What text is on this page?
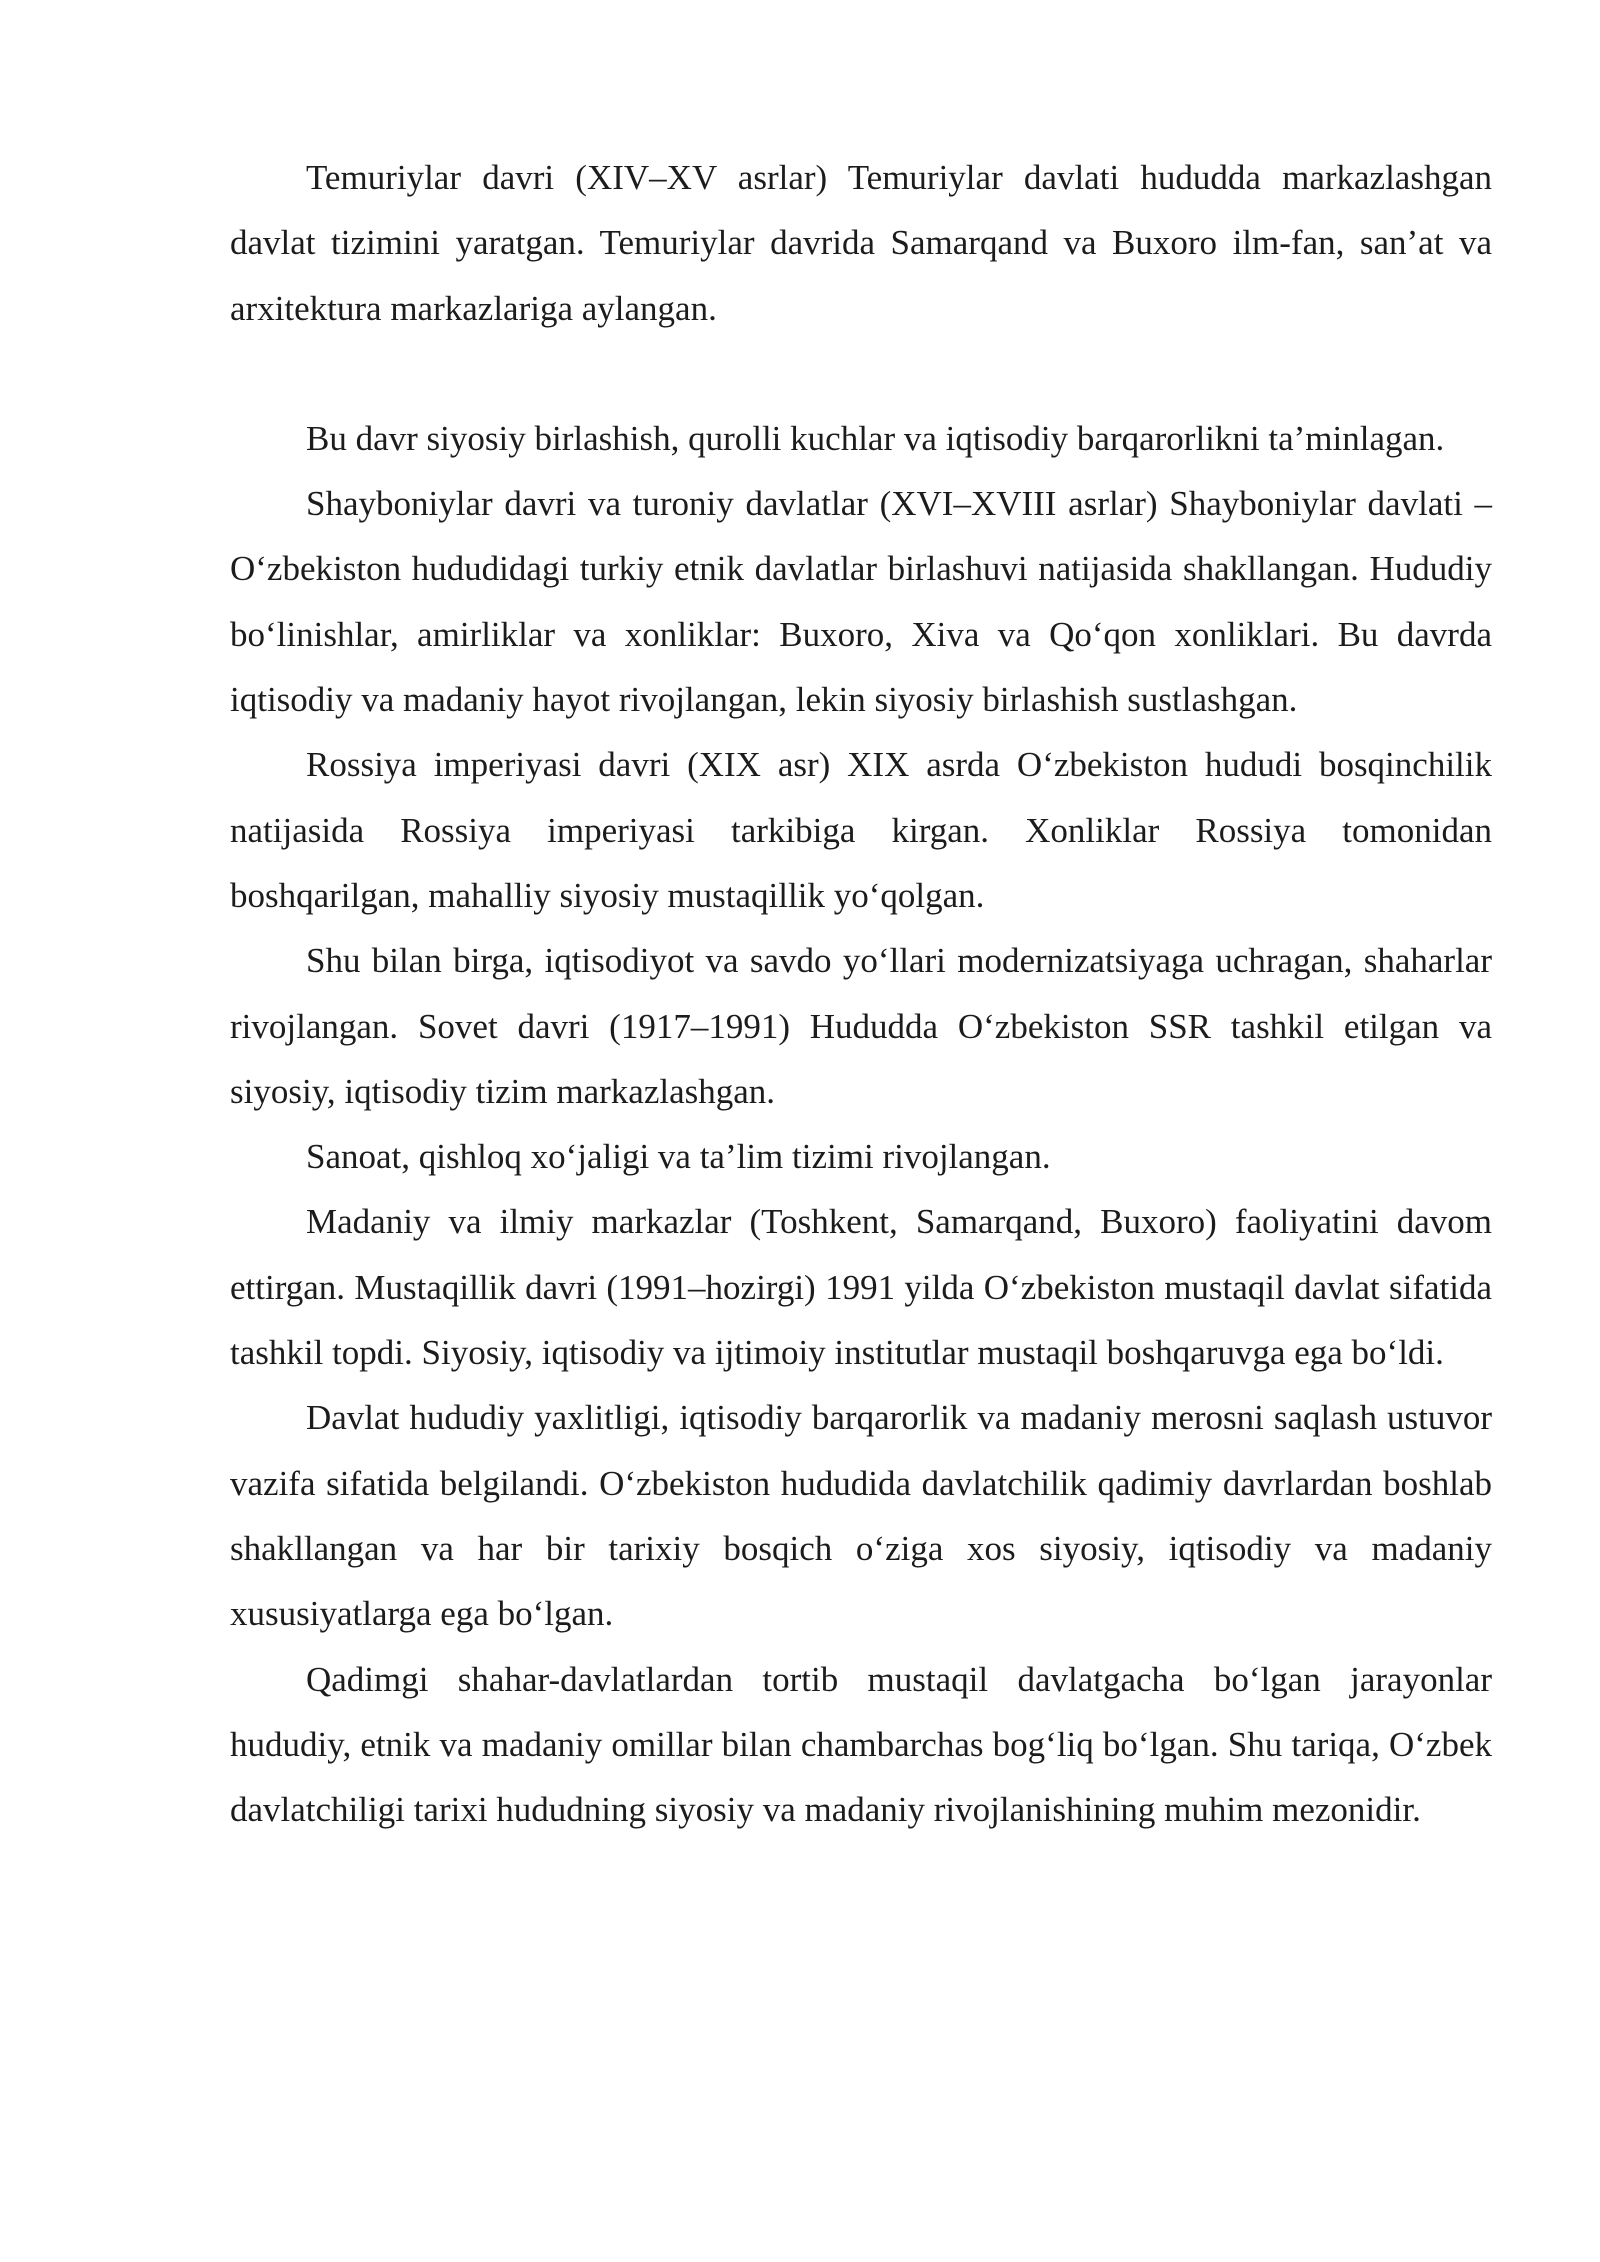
Temuriylar davri (XIV–XV asrlar) Temuriylar davlati hududda markazlashgan davlat tizimini yaratgan. Temuriylar davrida Samarqand va Buxoro ilm-fan, san’at va arxitektura markazlariga aylangan.

Bu davr siyosiy birlashish, qurolli kuchlar va iqtisodiy barqarorlikni ta’minlagan.

Shayboniylar davri va turoniy davlatlar (XVI–XVIII asrlar) Shayboniylar davlati – O‘zbekiston hududidagi turkiy etnik davlatlar birlashuvi natijasida shakllangan. Hududiy bo‘linishlar, amirliklar va xonliklar: Buxoro, Xiva va Qo‘qon xonliklari. Bu davrda iqtisodiy va madaniy hayot rivojlangan, lekin siyosiy birlashish sustlashgan.

Rossiya imperiyasi davri (XIX asr) XIX asrda O‘zbekiston hududi bosqinchilik natijasida Rossiya imperiyasi tarkibiga kirgan. Xonliklar Rossiya tomonidan boshqarilgan, mahalliy siyosiy mustaqillik yo‘qolgan.

Shu bilan birga, iqtisodiyot va savdo yo‘llari modernizatsiyaga uchragan, shaharlar rivojlangan. Sovet davri (1917–1991) Hududda O‘zbekiston SSR tashkil etilgan va siyosiy, iqtisodiy tizim markazlashgan.

Sanoat, qishloq xo‘jaligi va ta’lim tizimi rivojlangan.

Madaniy va ilmiy markazlar (Toshkent, Samarqand, Buxoro) faoliyatini davom ettirgan. Mustaqillik davri (1991–hozirgi) 1991 yilda O‘zbekiston mustaqil davlat sifatida tashkil topdi. Siyosiy, iqtisodiy va ijtimoiy institutlar mustaqil boshqaruvga ega bo‘ldi.

Davlat hududiy yaxlitligi, iqtisodiy barqarorlik va madaniy merosni saqlash ustuvor vazifa sifatida belgilandi. O‘zbekiston hududida davlatchilik qadimiy davrlardan boshlab shakllangan va har bir tarixiy bosqich o‘ziga xos siyosiy, iqtisodiy va madaniy xususiyatlarga ega bo‘lgan.

Qadimgi shahar-davlatlardan tortib mustaqil davlatgacha bo‘lgan jarayonlar hududiy, etnik va madaniy omillar bilan chambarchas bog‘liq bo‘lgan. Shu tariqa, O‘zbek davlatchiligi tarixi hududning siyosiy va madaniy rivojlanishining muhim mezonidir.
